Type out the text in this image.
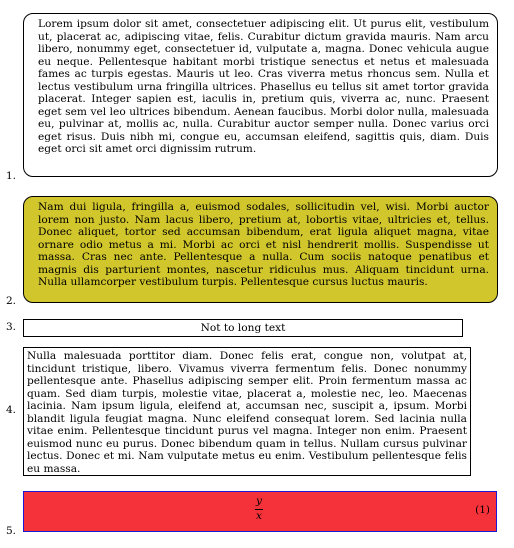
1.

Lorem ipsum dolor sit amet, consectetuer adipiscing elit. Ut purus elit, vestibulum ut, placerat ac, adipiscing vitae, felis. Curabitur dictum gravida mauris. Nam arcu libero, nonummy eget, consectetuer id, vulputate a, magna. Donec vehicula augue eu neque. Pellentesque habitant morbi tristique senectus et netus et malesuada fames ac turpis egestas. Mauris ut leo. Cras viverra metus rhoncus sem. Nulla et lectus vestibulum urna fringilla ultrices. Phasellus eu tellus sit amet tortor gravida placerat. Integer sapien est, iaculis in, pretium quis, viverra ac, nunc. Praesent eget sem vel leo ultrices bibendum. Aenean faucibus. Morbi dolor nulla, malesuada eu, pulvinar at, mollis ac, nulla. Curabitur auctor semper nulla. Donec varius orci eget risus. Duis nibh mi, congue eu, accumsan eleifend, sagittis quis, diam. Duis eget orci sit amet orci dignissim rutrum.

2.

Nam dui ligula, fringilla a, euismod sodales, sollicitudin vel, wisi. Morbi auctor lorem non justo. Nam lacus libero, pretium at, lobortis vitae, ultricies et, tellus. Donec aliquet, tortor sed accumsan bibendum, erat ligula aliquet magna, vitae ornare odio metus a mi. Morbi ac orci et nisl hendrerit mollis. Suspendisse ut massa. Cras nec ante. Pellentesque a nulla. Cum sociis natoque penatibus et magnis dis parturient montes, nascetur ridiculus mus. Aliquam tincidunt urna. Nulla ullamcorper vestibulum turpis. Pellentesque cursus luctus mauris.

3.	Not to long text

4.

Nulla malesuada porttitor diam. Donec felis erat, congue non, volutpat at, tincidunt tristique, libero. Vivamus viverra fermentum felis. Donec nonummy pellentesque ante. Phasellus adipiscing semper elit. Proin fermentum massa ac quam. Sed diam turpis, molestie vitae, placerat a, molestie nec, leo. Maecenas lacinia. Nam ipsum ligula, eleifend at, accumsan nec, suscipit a, ipsum. Morbi blandit ligula feugiat magna. Nunc eleifend consequat lorem. Sed lacinia nulla vitae enim. Pellentesque tincidunt purus vel magna. Integer non enim. Praesent euismod nunc eu purus. Donec bibendum quam in tellus. Nullam cursus pulvinar lectus. Donec et mi. Nam vulputate metus eu enim. Vestibulum pellentesque felis eu massa.

5.
y
x	(1)
